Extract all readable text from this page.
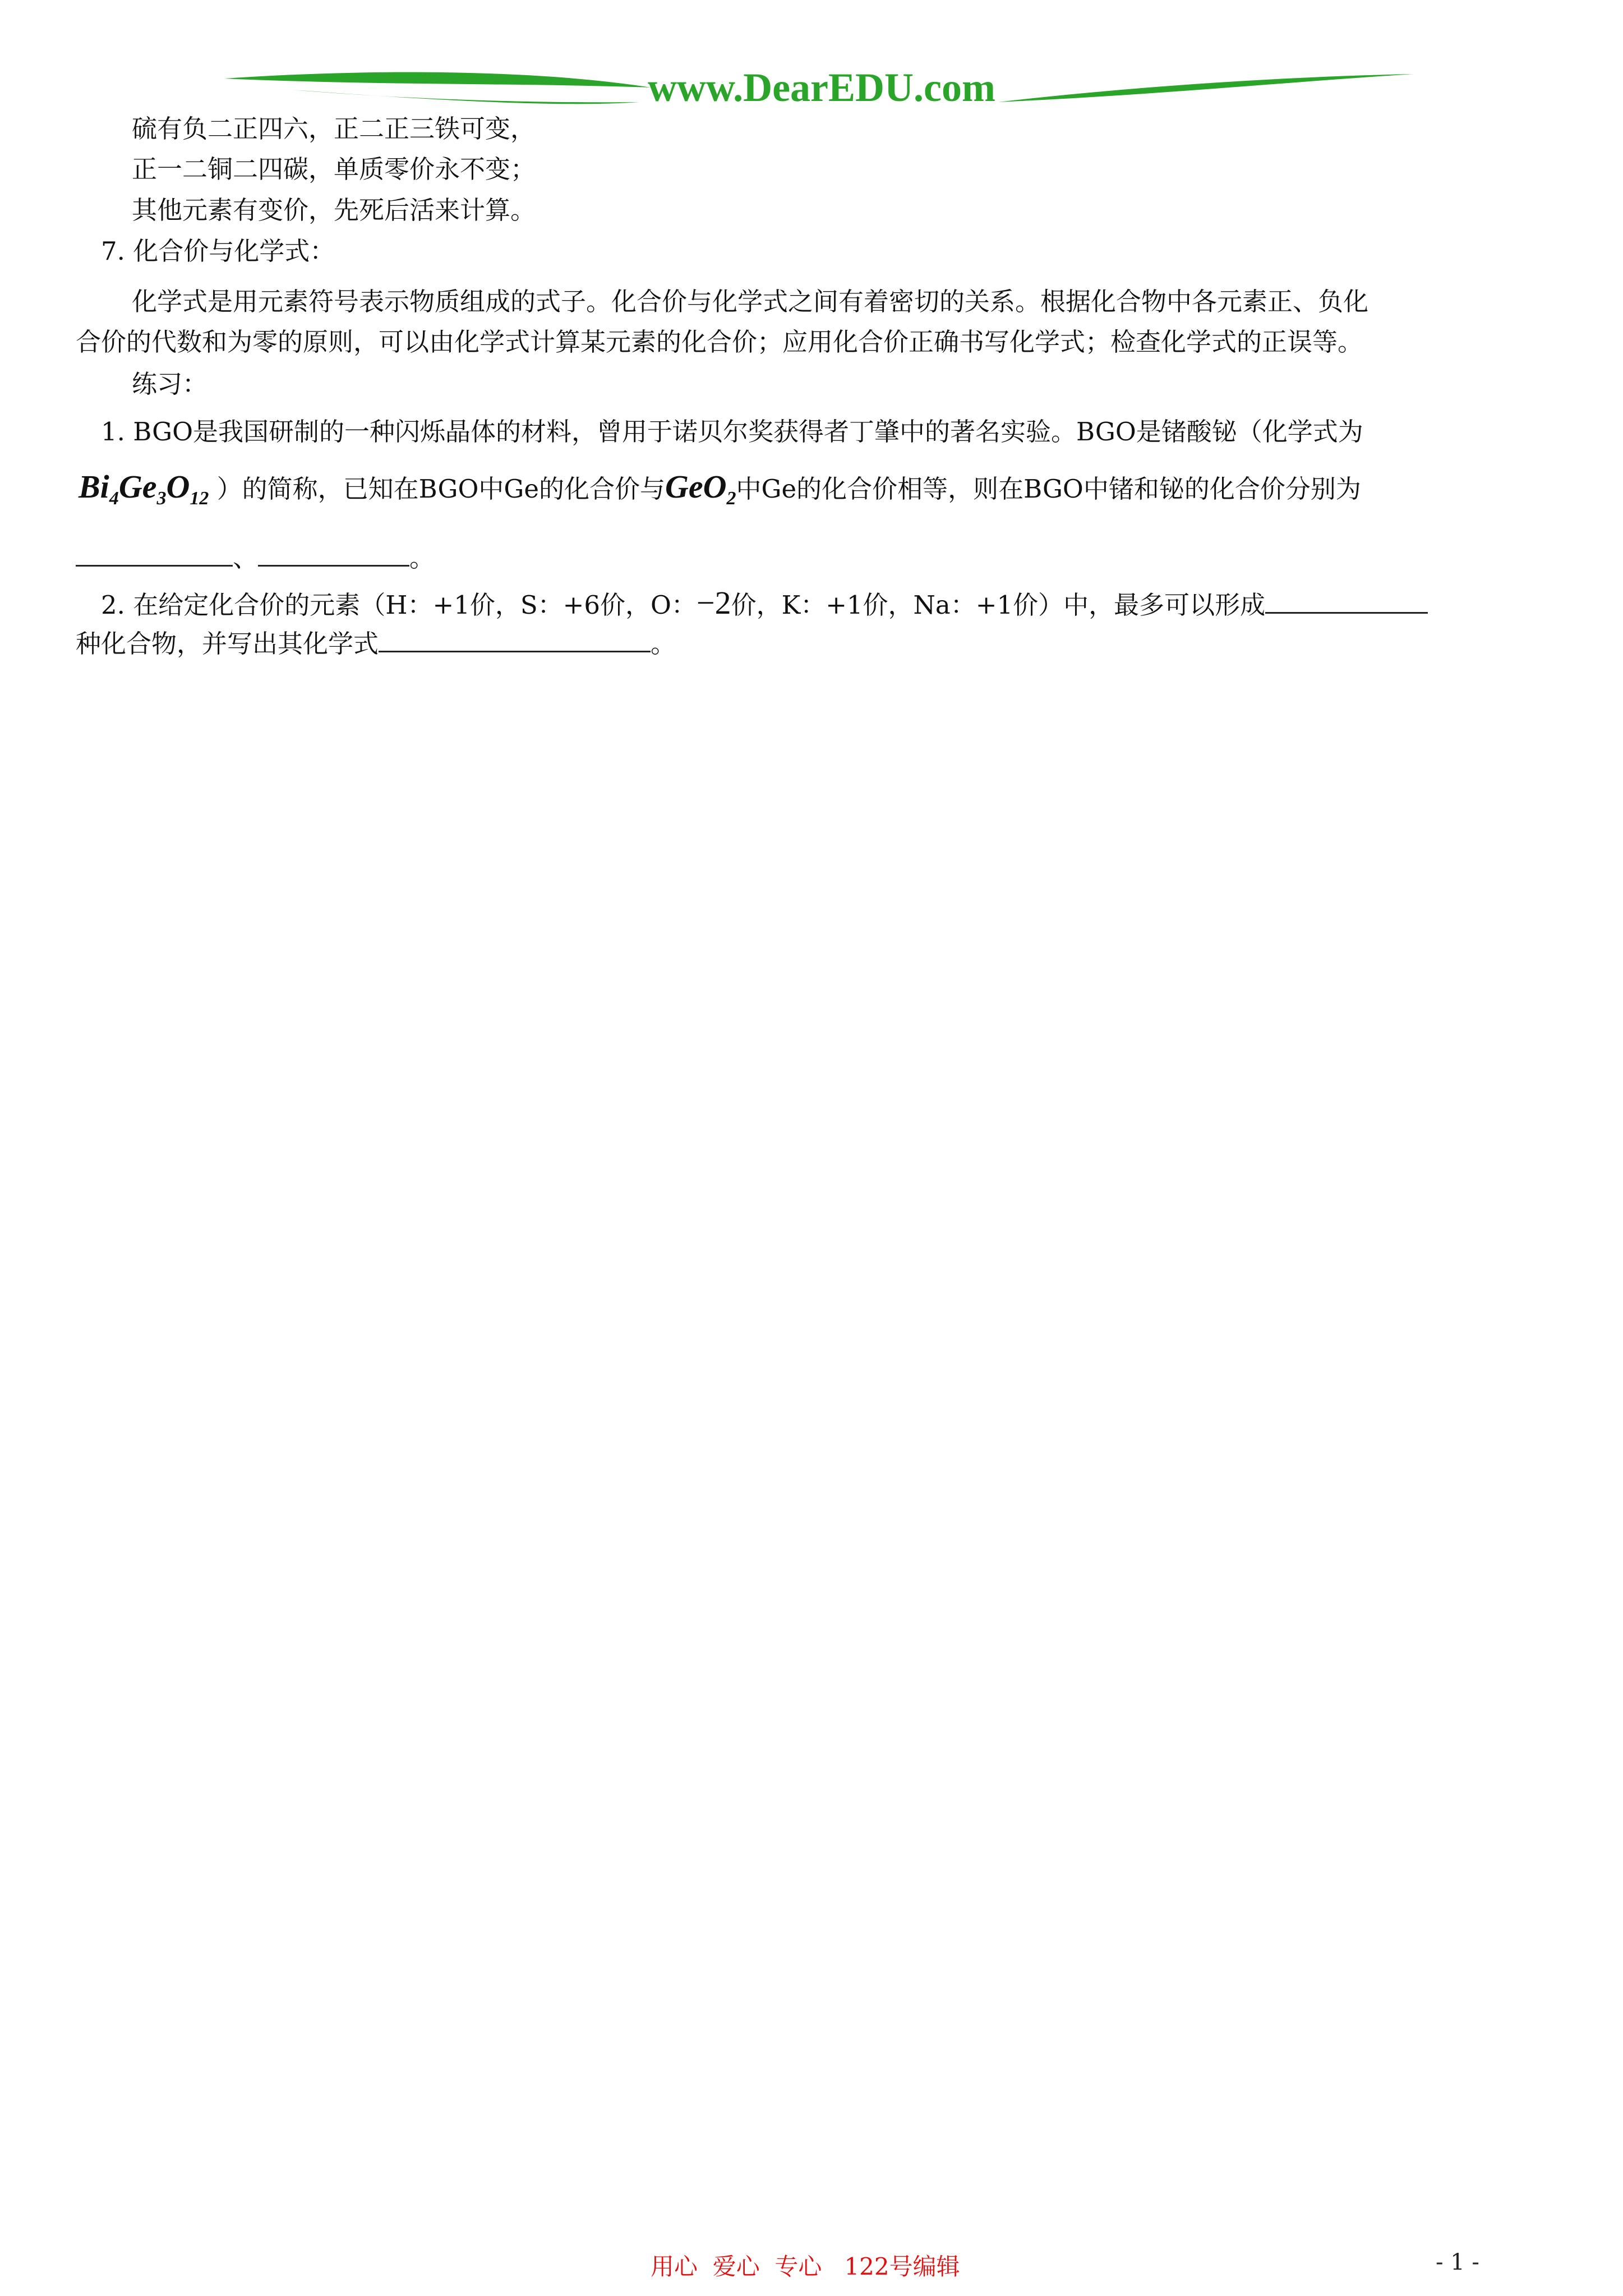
www.DearEDU.com
硫有负二正四六，正二正三铁可变，
正一二铜二四碳，单质零价永不变；
其他元素有变价，先死后活来计算。
7. 化合价与化学式：
化学式是用元素符号表示物质组成的式子。化合价与化学式之间有着密切的关系。根据化合物中各元素正、负化
合价的代数和为零的原则，可以由化学式计算某元素的化合价；应用化合价正确书写化学式；检查化学式的正误等。
练习：
1. BGO是我国研制的一种闪烁晶体的材料，曾用于诺贝尔奖获得者丁肇中的著名实验。BGO是锗酸铋（化学式为
$Bi_4Ge_3O_{12}$ ）的简称，已知在BGO中Ge的化合价与GeO$_2$中Ge的化合价相等，则在BGO中锗和铋的化合价分别为
、	。
2. 在给定化合价的元素（H：+1价，S：+6价，O：−2价，K：+1价，Na：+1价）中，最多可以形成
种化合物，并写出其化学式	。
用心  爱心  专心   122号编辑	- 1 -
